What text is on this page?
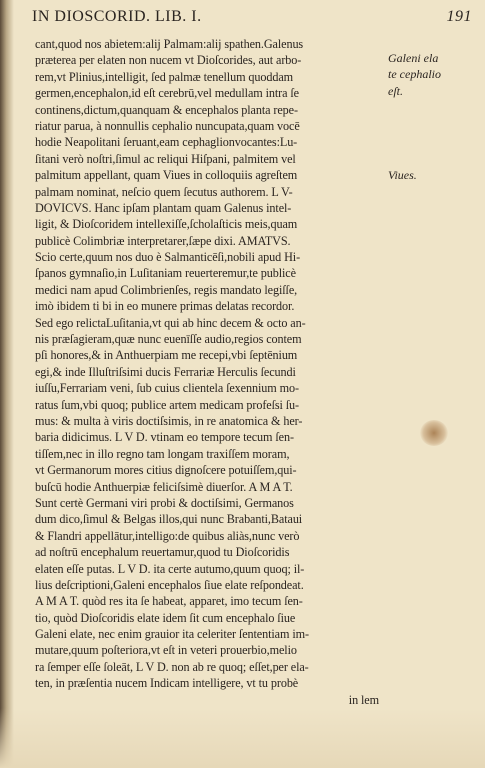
IN DIOSCORID. LIB. I.	191
cant,quod nos abietem:alij Palmam:alij spathen.Galenus
præterea per elaten non nucem vt Dioſcorides, aut arbo-
rem,vt Plinius,intelligit, ſed palmæ tenellum quoddam
germen,encephalon,id eſt cerebrū,vel medullam intra ſe
continens,dictum,quanquam & encephalos planta repe-
riatur parua, à nonnullis cephalio nuncupata,quam vocē
hodie Neapolitani ſeruant,eam cephaglionvocantes:Lu-
ſitani verò noſtri,ſimul ac reliqui Hiſpani, palmitem vel
palmitum appellant, quam Viues in colloquiis agreſtem
palmam nominat, neſcio quem ſecutus authorem. L V-
DOVICVS. Hanc ipſam plantam quam Galenus intel-
ligit, & Dioſcoridem intellexiſſe,ſcholaſticis meis,quam
publicè Colimbriæ interpretarer,ſæpe dixi. AMATVS.
Scio certe,quum nos duo è Salmanticēſi,nobili apud Hi-
ſpanos gymnaſio,in Luſitaniam reuerteremur,te publicè
medici nam apud Colimbrienſes, regis mandato legiſſe,
imò ibidem ti bi in eo munere primas delatas recordor.
Sed ego relictaLuſitania,vt qui ab hinc decem & octo an-
nis præſagieram,quæ nunc euenīſſe audio,regios contem
pſi honores,& in Anthuerpiam me recepi,vbi ſeptēnium
egi,& inde Illuſtriſsimi ducis Ferrariæ Herculis ſecundi
iuſſu,Ferrariam veni, ſub cuius clientela ſexennium mo-
ratus ſum,vbi quoq; publice artem medicam profeſsi ſu-
mus: & multa à viris doctiſsimis, in re anatomica & her-
baria didicimus. L V D. vtinam eo tempore tecum ſen-
tiſſem,nec in illo regno tam longam traxiſſem moram,
vt Germanorum mores citius dignoſcere potuiſſem,qui-
buſcū hodie Anthuerpiæ feliciſsimè diuerſor. A M A T.
Sunt certè Germani viri probi & doctiſsimi, Germanos
dum dico,ſimul & Belgas illos,qui nunc Brabanti,Bataui
& Flandri appellātur,intelligo:de quibus aliàs,nunc verò
ad noſtrū encephalum reuertamur,quod tu Dioſcoridis
elaten eſſe putas. L V D. ita certe autumo,quum quoq; il-
lius deſcriptioni,Galeni encephalos ſiue elate reſpondeat.
A M A T. quòd res ita ſe habeat, apparet, imo tecum ſen-
tio, quòd Dioſcoridis elate idem ſit cum encephalo ſiue
Galeni elate, nec enim grauior ita celeriter ſententiam im-
mutare,quum poſteriora,vt eſt in veteri prouerbio,melio
ra ſemper eſſe ſoleāt, L V D. non ab re quoq; eſſet,per ela-
ten, in præſentia nucem Indicam intelligere, vt tu probè
in lem
Galeni ela
te cephalio
eſt.
Viues.
